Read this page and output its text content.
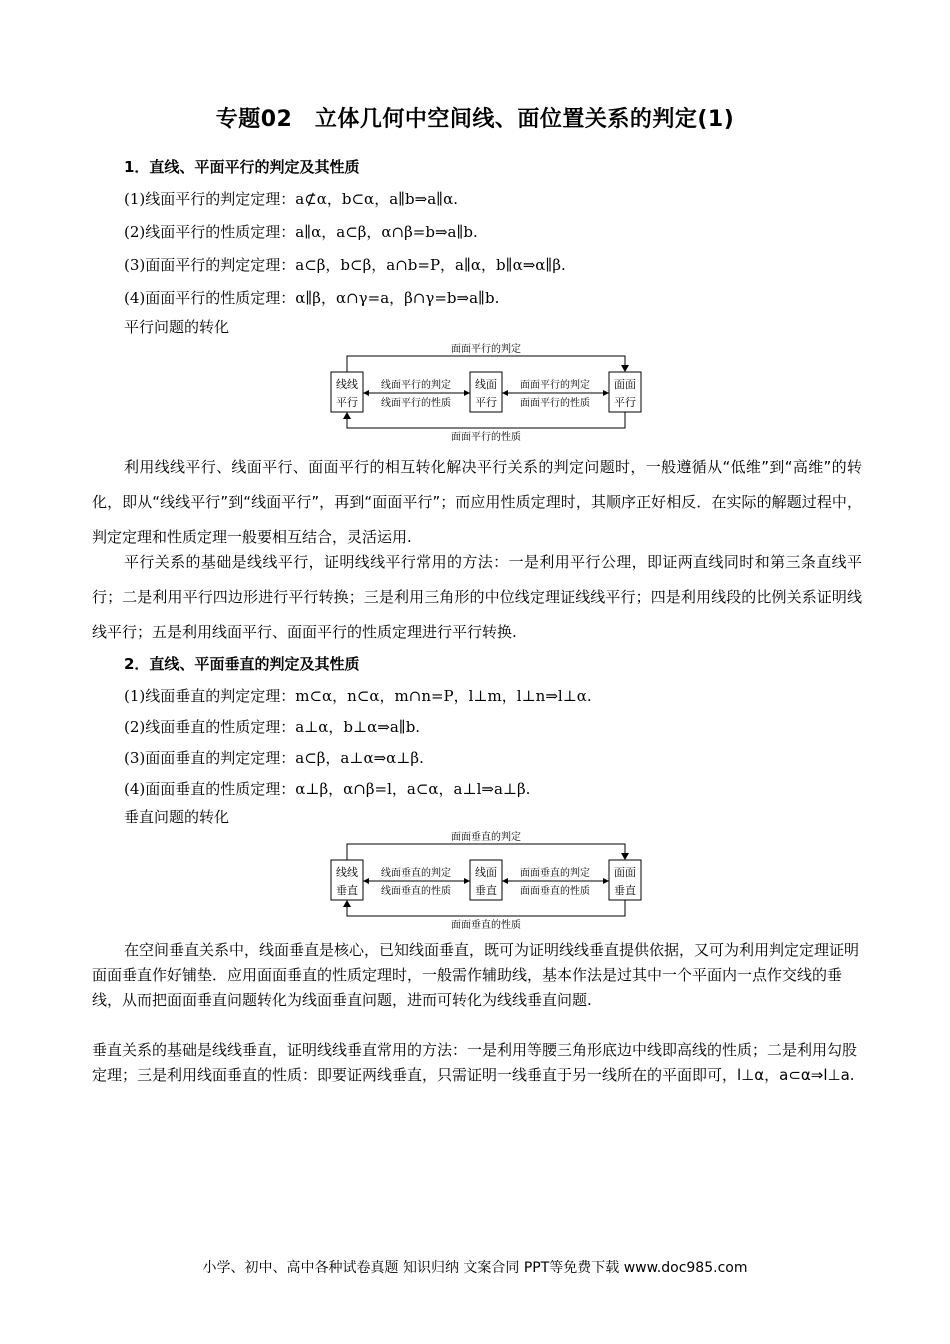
专题02　立体几何中空间线、面位置关系的判定(1)
1．直线、平面平行的判定及其性质
(1)线面平行的判定定理：a⊄α，b⊂α，a∥b⇒a∥α.
(2)线面平行的性质定理：a∥α，a⊂β，α∩β=b⇒a∥b.
(3)面面平行的判定定理：a⊂β，b⊂β，a∩b=P，a∥α，b∥α⇒α∥β.
(4)面面平行的性质定理：α∥β，α∩γ=a，β∩γ=b⇒a∥b.
平行问题的转化
面面平行的判定
面面平行的性质
线线
平行
线面
平行
面面
平行
线面平行的判定
线面平行的性质
面面平行的判定
面面平行的性质
利用线线平行、线面平行、面面平行的相互转化解决平行关系的判定问题时，一般遵循从“低维”到“高维”的转化，即从“线线平行”到“线面平行”，再到“面面平行”；而应用性质定理时，其顺序正好相反．在实际的解题过程中，判定定理和性质定理一般要相互结合，灵活运用.
平行关系的基础是线线平行，证明线线平行常用的方法：一是利用平行公理，即证两直线同时和第三条直线平行；二是利用平行四边形进行平行转换；三是利用三角形的中位线定理证线线平行；四是利用线段的比例关系证明线线平行；五是利用线面平行、面面平行的性质定理进行平行转换.
2．直线、平面垂直的判定及其性质
(1)线面垂直的判定定理：m⊂α，n⊂α，m∩n=P，l⊥m，l⊥n⇒l⊥α.
(2)线面垂直的性质定理：a⊥α，b⊥α⇒a∥b.
(3)面面垂直的判定定理：a⊂β，a⊥α⇒α⊥β.
(4)面面垂直的性质定理：α⊥β，α∩β=l，a⊂α，a⊥l⇒a⊥β.
垂直问题的转化
面面垂直的判定
面面垂直的性质
线线
垂直
线面
垂直
面面
垂直
线面垂直的判定
线面垂直的性质
面面垂直的判定
面面垂直的性质
在空间垂直关系中，线面垂直是核心，已知线面垂直，既可为证明线线垂直提供依据，又可为利用判定定理证明面面垂直作好铺垫．应用面面垂直的性质定理时，一般需作辅助线，基本作法是过其中一个平面内一点作交线的垂线，从而把面面垂直问题转化为线面垂直问题，进而可转化为线线垂直问题.
垂直关系的基础是线线垂直，证明线线垂直常用的方法：一是利用等腰三角形底边中线即高线的性质；二是利用勾股定理；三是利用线面垂直的性质：即要证两线垂直，只需证明一线垂直于另一线所在的平面即可，l⊥α，a⊂α⇒l⊥a.
小学、初中、高中各种试卷真题 知识归纳 文案合同 PPT等免费下载 www.doc985.com
